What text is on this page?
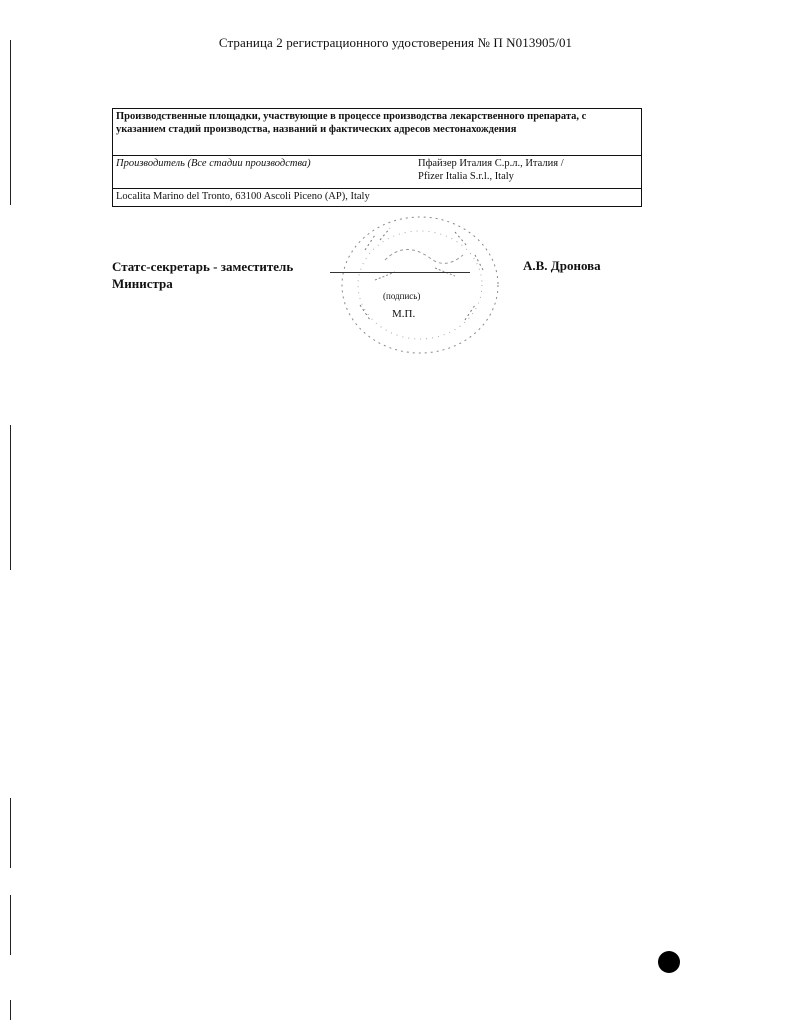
Страница 2 регистрационного удостоверения № П N013905/01
Производственные площадки, участвующие в процессе производства лекарственного препарата, с указанием стадий производства, названий и фактических адресов местонахождения
Производитель (Все стадии производства)	Пфайзер Италия С.р.л., Италия /
Pfizer Italia S.r.l., Italy

Localita Marino del Tronto, 63100 Ascoli Piceno (AP), Italy
Статс-секретарь - заместитель
Министра
(подпись)
М.П.
А.В. Дронова
